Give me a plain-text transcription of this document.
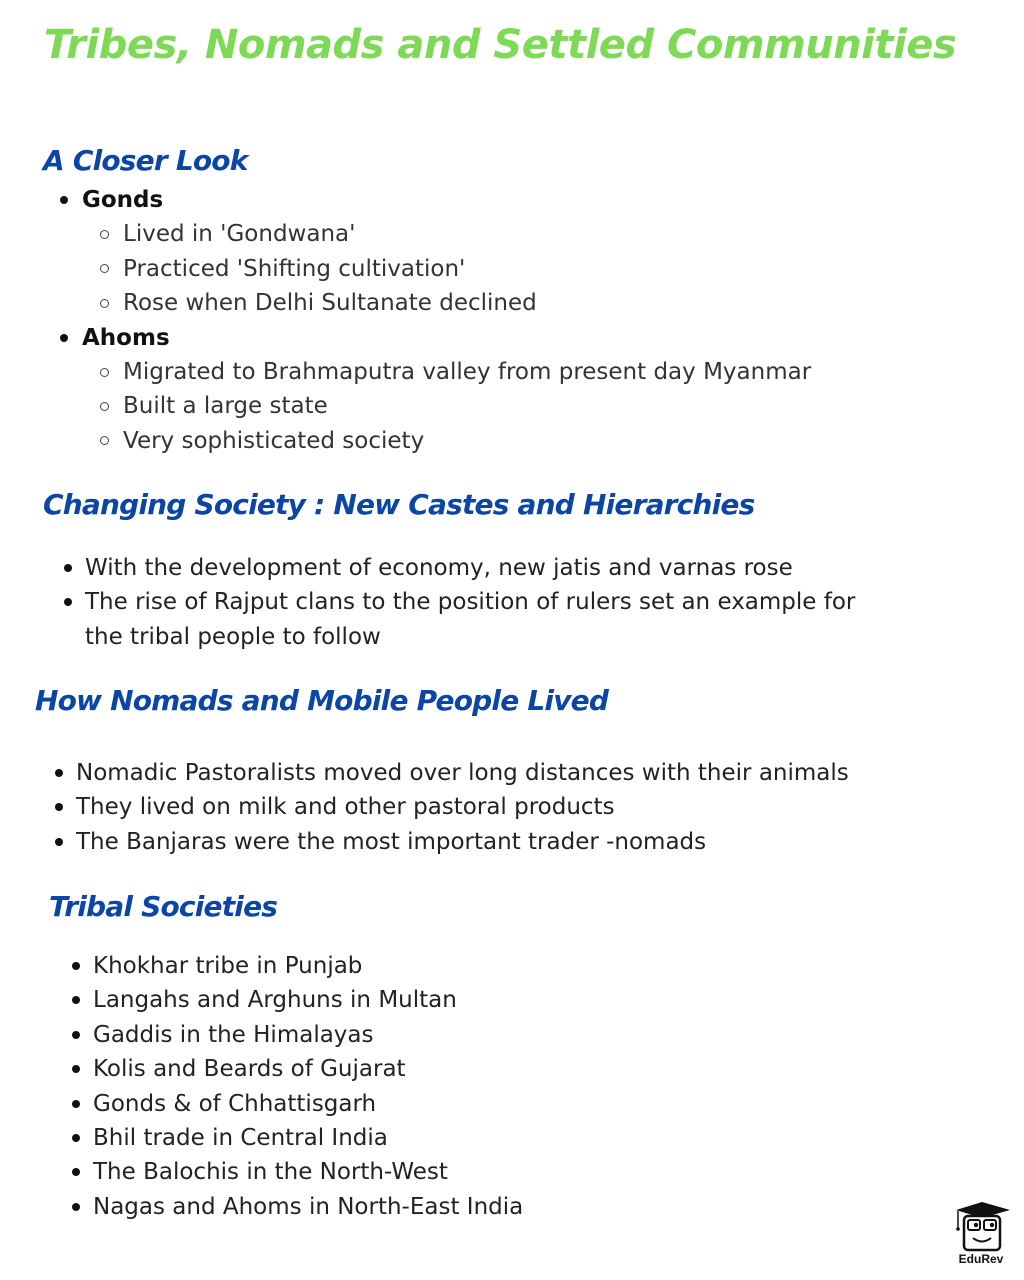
Tribes, Nomads and Settled Communities
A Closer Look
Gonds
Lived in 'Gondwana'
Practiced 'Shifting cultivation'
Rose when Delhi Sultanate declined
Ahoms
Migrated to Brahmaputra valley from present day Myanmar
Built a large state
Very sophisticated society
Changing Society : New Castes and Hierarchies
With the development of economy, new jatis and varnas rose
The rise of Rajput clans to the position of rulers set an example for the tribal people to follow
How Nomads and Mobile People Lived
Nomadic Pastoralists moved over long distances with their animals
They lived on milk and other pastoral products
The Banjaras were the most important trader -nomads
Tribal Societies
Khokhar tribe in Punjab
Langahs and Arghuns in Multan
Gaddis in the Himalayas
Kolis and Beards of Gujarat
Gonds & of Chhattisgarh
Bhil trade in Central India
The Balochis in the North-West
Nagas and Ahoms in North-East India
EduRev
